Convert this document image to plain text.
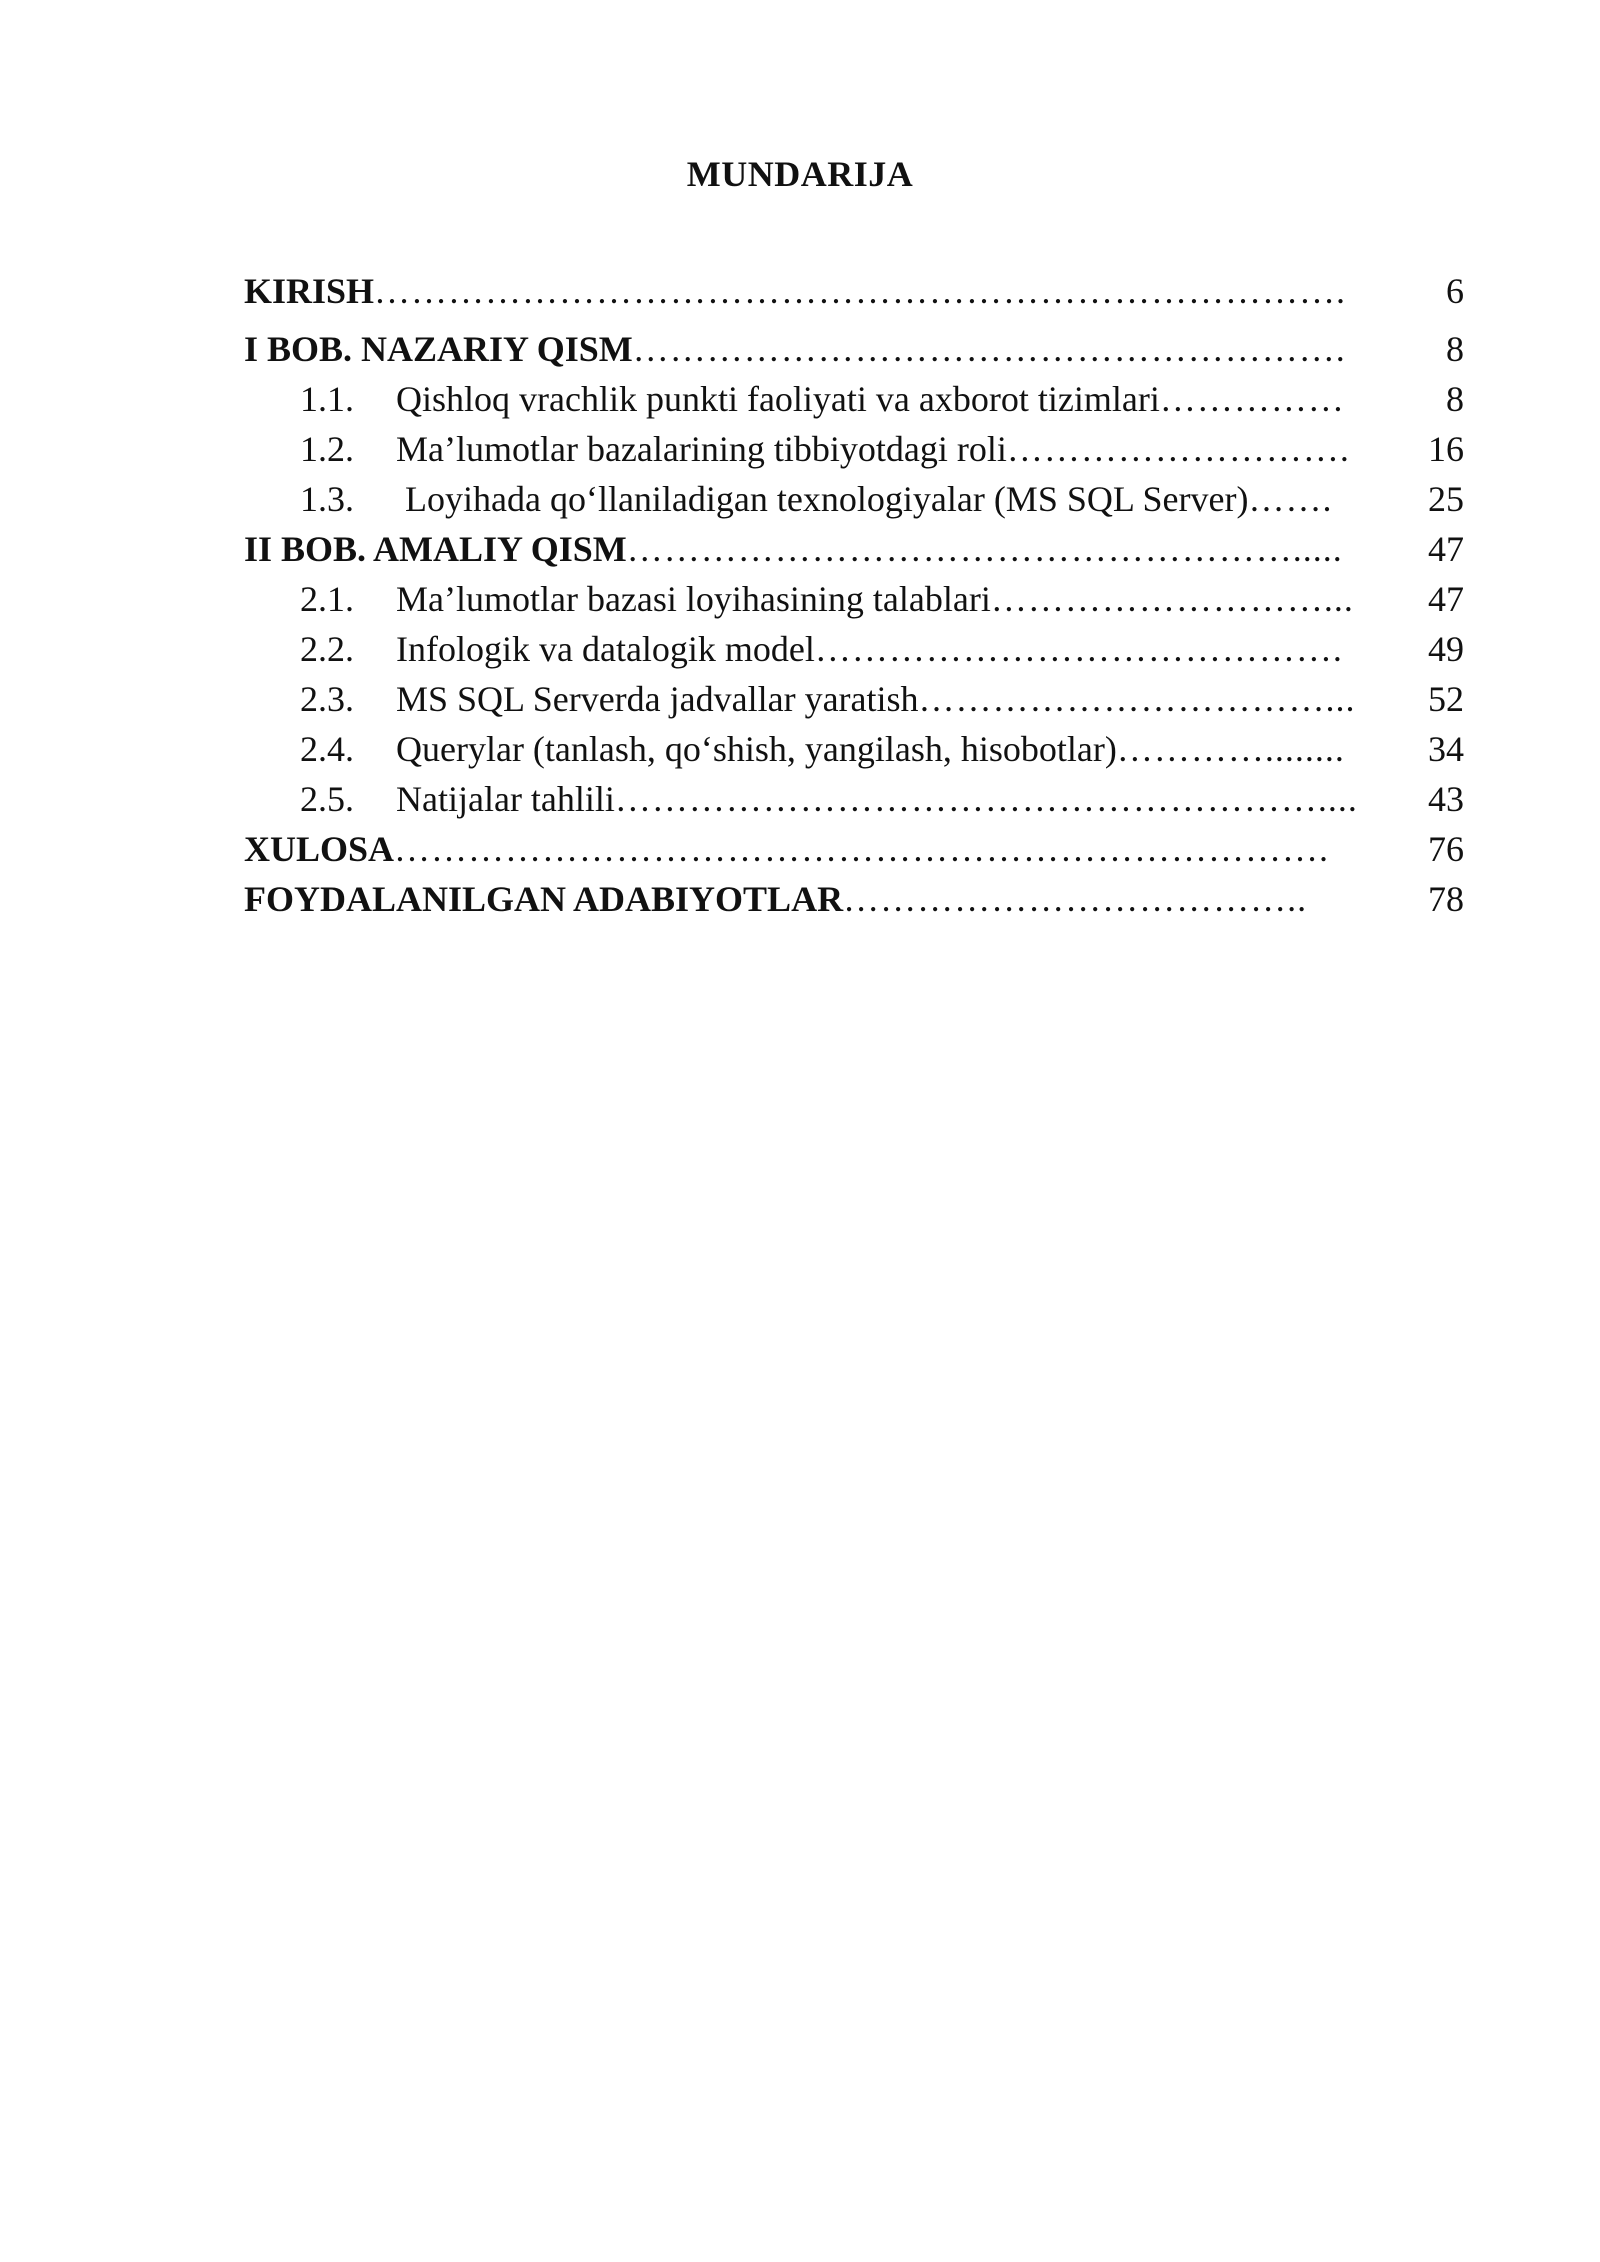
MUNDARIJA
KIRISH …………………………………………………………………….	6
I BOB. NAZARIY QISM ………………………………………………….	8
1.1.	Qishloq vrachlik punkti faoliyati va axborot tizimlari ……………	8
1.2.	Ma’lumotlar bazalarining tibbiyotdagi roli ……………………….	16
1.3.	Loyihada qo‘llaniladigan texnologiyalar (MS SQL Server) …….	25
II BOB. AMALIY QISM ……………………………………………….....	47
2.1.	Ma’lumotlar bazasi loyihasining talablari ………………………...	47
2.2.	Infologik va datalogik model …………………………………….	49
2.3.	MS SQL Serverda jadvallar yaratish ……………………………...	52
2.4.	Querylar (tanlash, qo‘shish, yangilash, hisobotlar) …………........	34
2.5.	Natijalar tahlili …………………………………………………....	43
XULOSA ………………………………………………………………….	76
FOYDALANILGAN ADABIYOTLAR ………………………………..	78
